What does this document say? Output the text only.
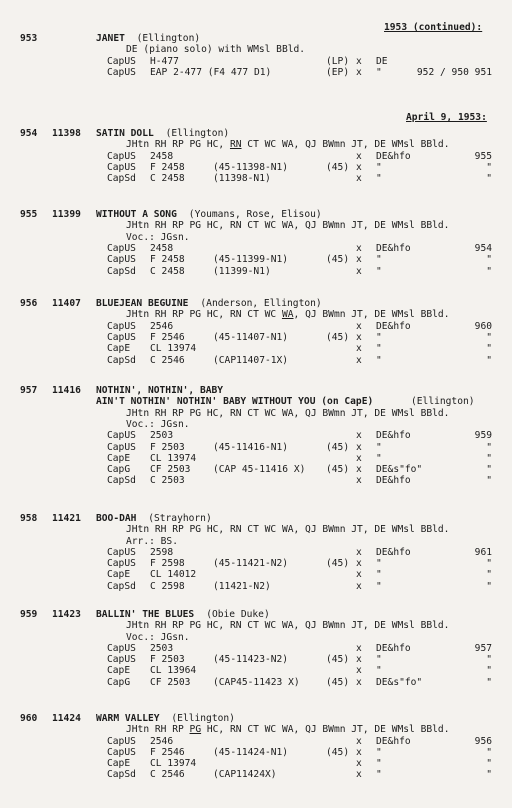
1953 (continued):
April 9, 1953:
953	JANET (Ellington)
DE (piano solo) with WMsl BBld.
CapUS H-477	(LP) x DE
CapUS EAP 2-477 (F4 477 D1)	(EP) x "	952 / 950 951
954 11398 SATIN DOLL (Ellington)
JHtn RH RP PG HC, RN CT WC WA, QJ BWmn JT, DE WMsl BBld.
CapUS 2458	x DE&hfo	955
CapUS F 2458	(45-11398-N1)	(45) x "	"
CapSd C 2458	(11398-N1)	x "	"
955 11399 WITHOUT A SONG (Youmans, Rose, Elisou)
JHtn RH RP PG HC, RN CT WC WA, QJ BWmn JT, DE WMsl BBld.
Voc.: JGsn.
CapUS 2458	x DE&hfo	954
CapUS F 2458	(45-11399-N1)	(45) x "	"
CapSd C 2458	(11399-N1)	x "	"
956 11407 BLUEJEAN BEGUINE (Anderson, Ellington)
JHtn RH RP PG HC, RN CT WC WA, QJ BWmn JT, DE WMsl BBld.
CapUS 2546	x DE&hfo	960
CapUS F 2546	(45-11407-N1)	(45) x "	"
CapE CL 13974	x "	"
CapSd C 2546	(CAP11407-1X)	x "	"
957 11416 NOTHIN', NOTHIN', BABY
AIN'T NOTHIN' NOTHIN' BABY WITHOUT YOU (on CapE)	(Ellington)
JHtn RH RP PG HC, RN CT WC WA, QJ BWmn JT, DE WMsl BBld.
Voc.: JGsn.
CapUS 2503	x DE&hfo	959
CapUS F 2503	(45-11416-N1)	(45) x "	"
CapE CL 13974	x "	"
CapG CF 2503 (CAP 45-11416 X) (45) x DE&s"fo"	"
CapSd C 2503	x DE&hfo	"
958 11421 BOO-DAH (Strayhorn)
JHtn RH RP PG HC, RN CT WC WA, QJ BWmn JT, DE WMsl BBld.
Arr.: BS.
CapUS 2598	x DE&hfo	961
CapUS F 2598	(45-11421-N2)	(45) x "	"
CapE CL 14012	x "	"
CapSd C 2598	(11421-N2)	x "	"
959 11423 BALLIN' THE BLUES (Obie Duke)
JHtn RH RP PG HC, RN CT WC WA, QJ BWmn JT, DE WMsl BBld.
Voc.: JGsn.
CapUS 2503	x DE&hfo	957
CapUS F 2503	(45-11423-N2)	(45) x "	"
CapE CL 13964	x "	"
CapG CF 2503 (CAP45-11423 X)	(45) x DE&s"fo"	"
960 11424 WARM VALLEY (Ellington)
JHtn RH RP PG HC, RN CT WC WA, QJ BWmn JT, DE WMsl BBld.
CapUS 2546	x DE&hfo	956
CapUS F 2546	(45-11424-N1)	(45) x "	"
CapE CL 13974	x "	"
CapSd C 2546	(CAP11424X)	x "	"
